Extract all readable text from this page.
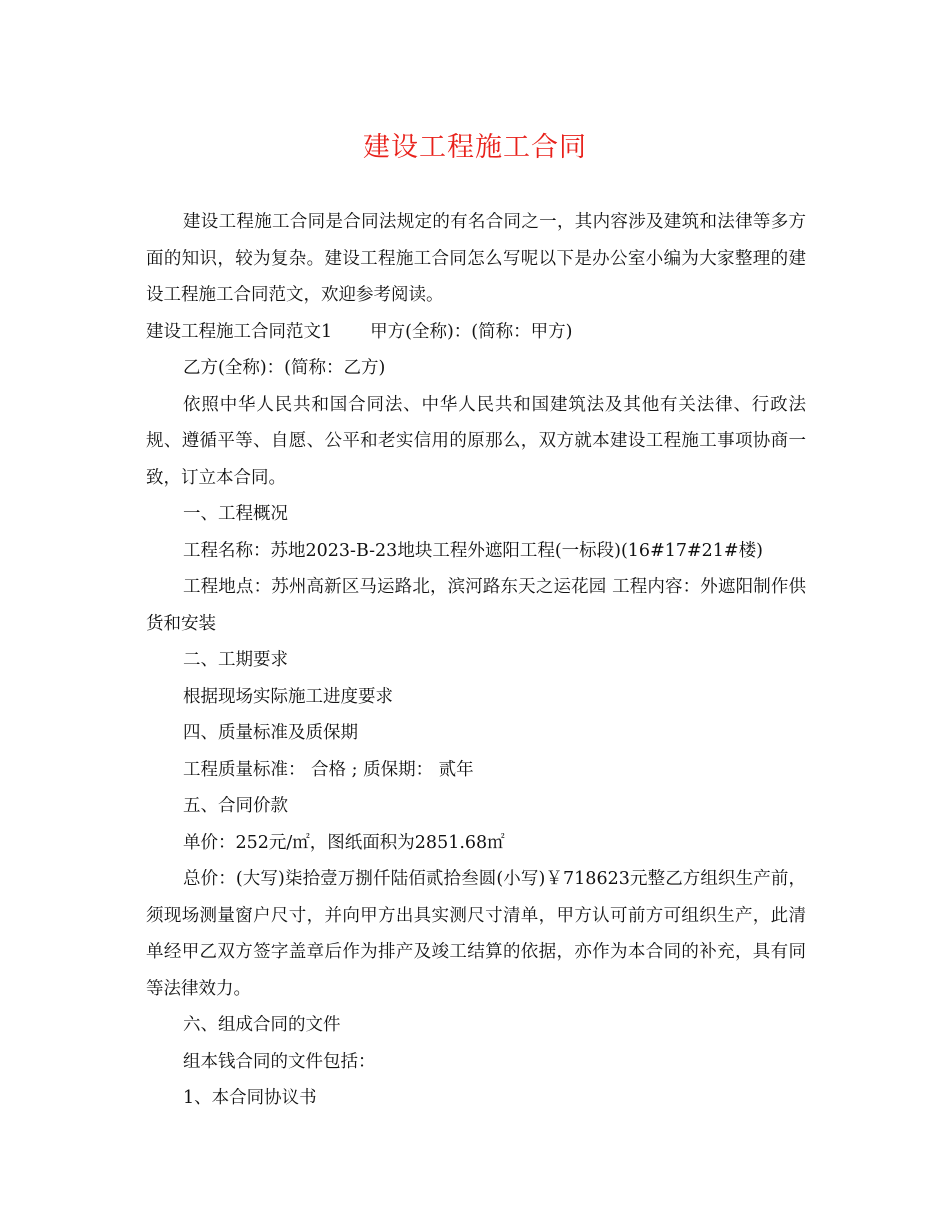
建设工程施工合同

建设工程施工合同是合同法规定的有名合同之一，其内容涉及建筑和法律等多方面的知识，较为复杂。建设工程施工合同怎么写呢以下是办公室小编为大家整理的建设工程施工合同范文，欢迎参考阅读。

建设工程施工合同范文1 甲方(全称)：(简称：甲方)

乙方(全称)：(简称：乙方)

依照中华人民共和国合同法、中华人民共和国建筑法及其他有关法律、行政法规、遵循平等、自愿、公平和老实信用的原那么，双方就本建设工程施工事项协商一致，订立本合同。

一、工程概况

工程名称：苏地2023-B-23地块工程外遮阳工程(一标段)(16#17#21#楼)

工程地点：苏州高新区马运路北，滨河路东天之运花园 工程内容：外遮阳制作供货和安装

二、工期要求

根据现场实际施工进度要求

四、质量标准及质保期

工程质量标准： 合格 ; 质保期： 贰年

五、合同价款

单价：252元/㎡，图纸面积为2851.68㎡

总价：(大写)柒拾壹万捌仟陆佰贰拾叁圆(小写)￥718623元整乙方组织生产前，须现场测量窗户尺寸，并向甲方出具实测尺寸清单，甲方认可前方可组织生产，此清单经甲乙双方签字盖章后作为排产及竣工结算的依据，亦作为本合同的补充，具有同等法律效力。

六、组成合同的文件

组本钱合同的文件包括：

1、本合同协议书
